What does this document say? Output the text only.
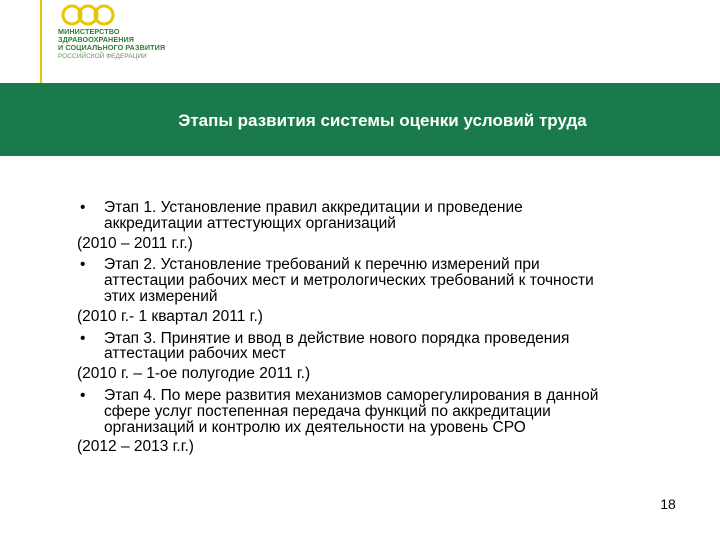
МИНИСТЕРСТВО
ЗДРАВООХРАНЕНИЯ
И СОЦИАЛЬНОГО РАЗВИТИЯ
РОССИЙСКОЙ ФЕДЕРАЦИИ
Этапы развития системы оценки условий труда
• Этап 1. Установление правил аккредитации и проведение
аккредитации аттестующих организаций
(2010 – 2011 г.г.)
• Этап 2. Установление требований к перечню измерений при
аттестации рабочих мест и метрологических требований к точности
этих измерений
(2010 г.- 1 квартал 2011 г.)
• Этап 3. Принятие и ввод в действие нового порядка проведения
аттестации рабочих мест
(2010 г. – 1-ое полугодие 2011 г.)
• Этап 4. По мере развития механизмов саморегулирования в данной
сфере услуг постепенная передача функций по аккредитации
организаций и контролю их деятельности на уровень СРО
(2012 – 2013 г.г.)
18
